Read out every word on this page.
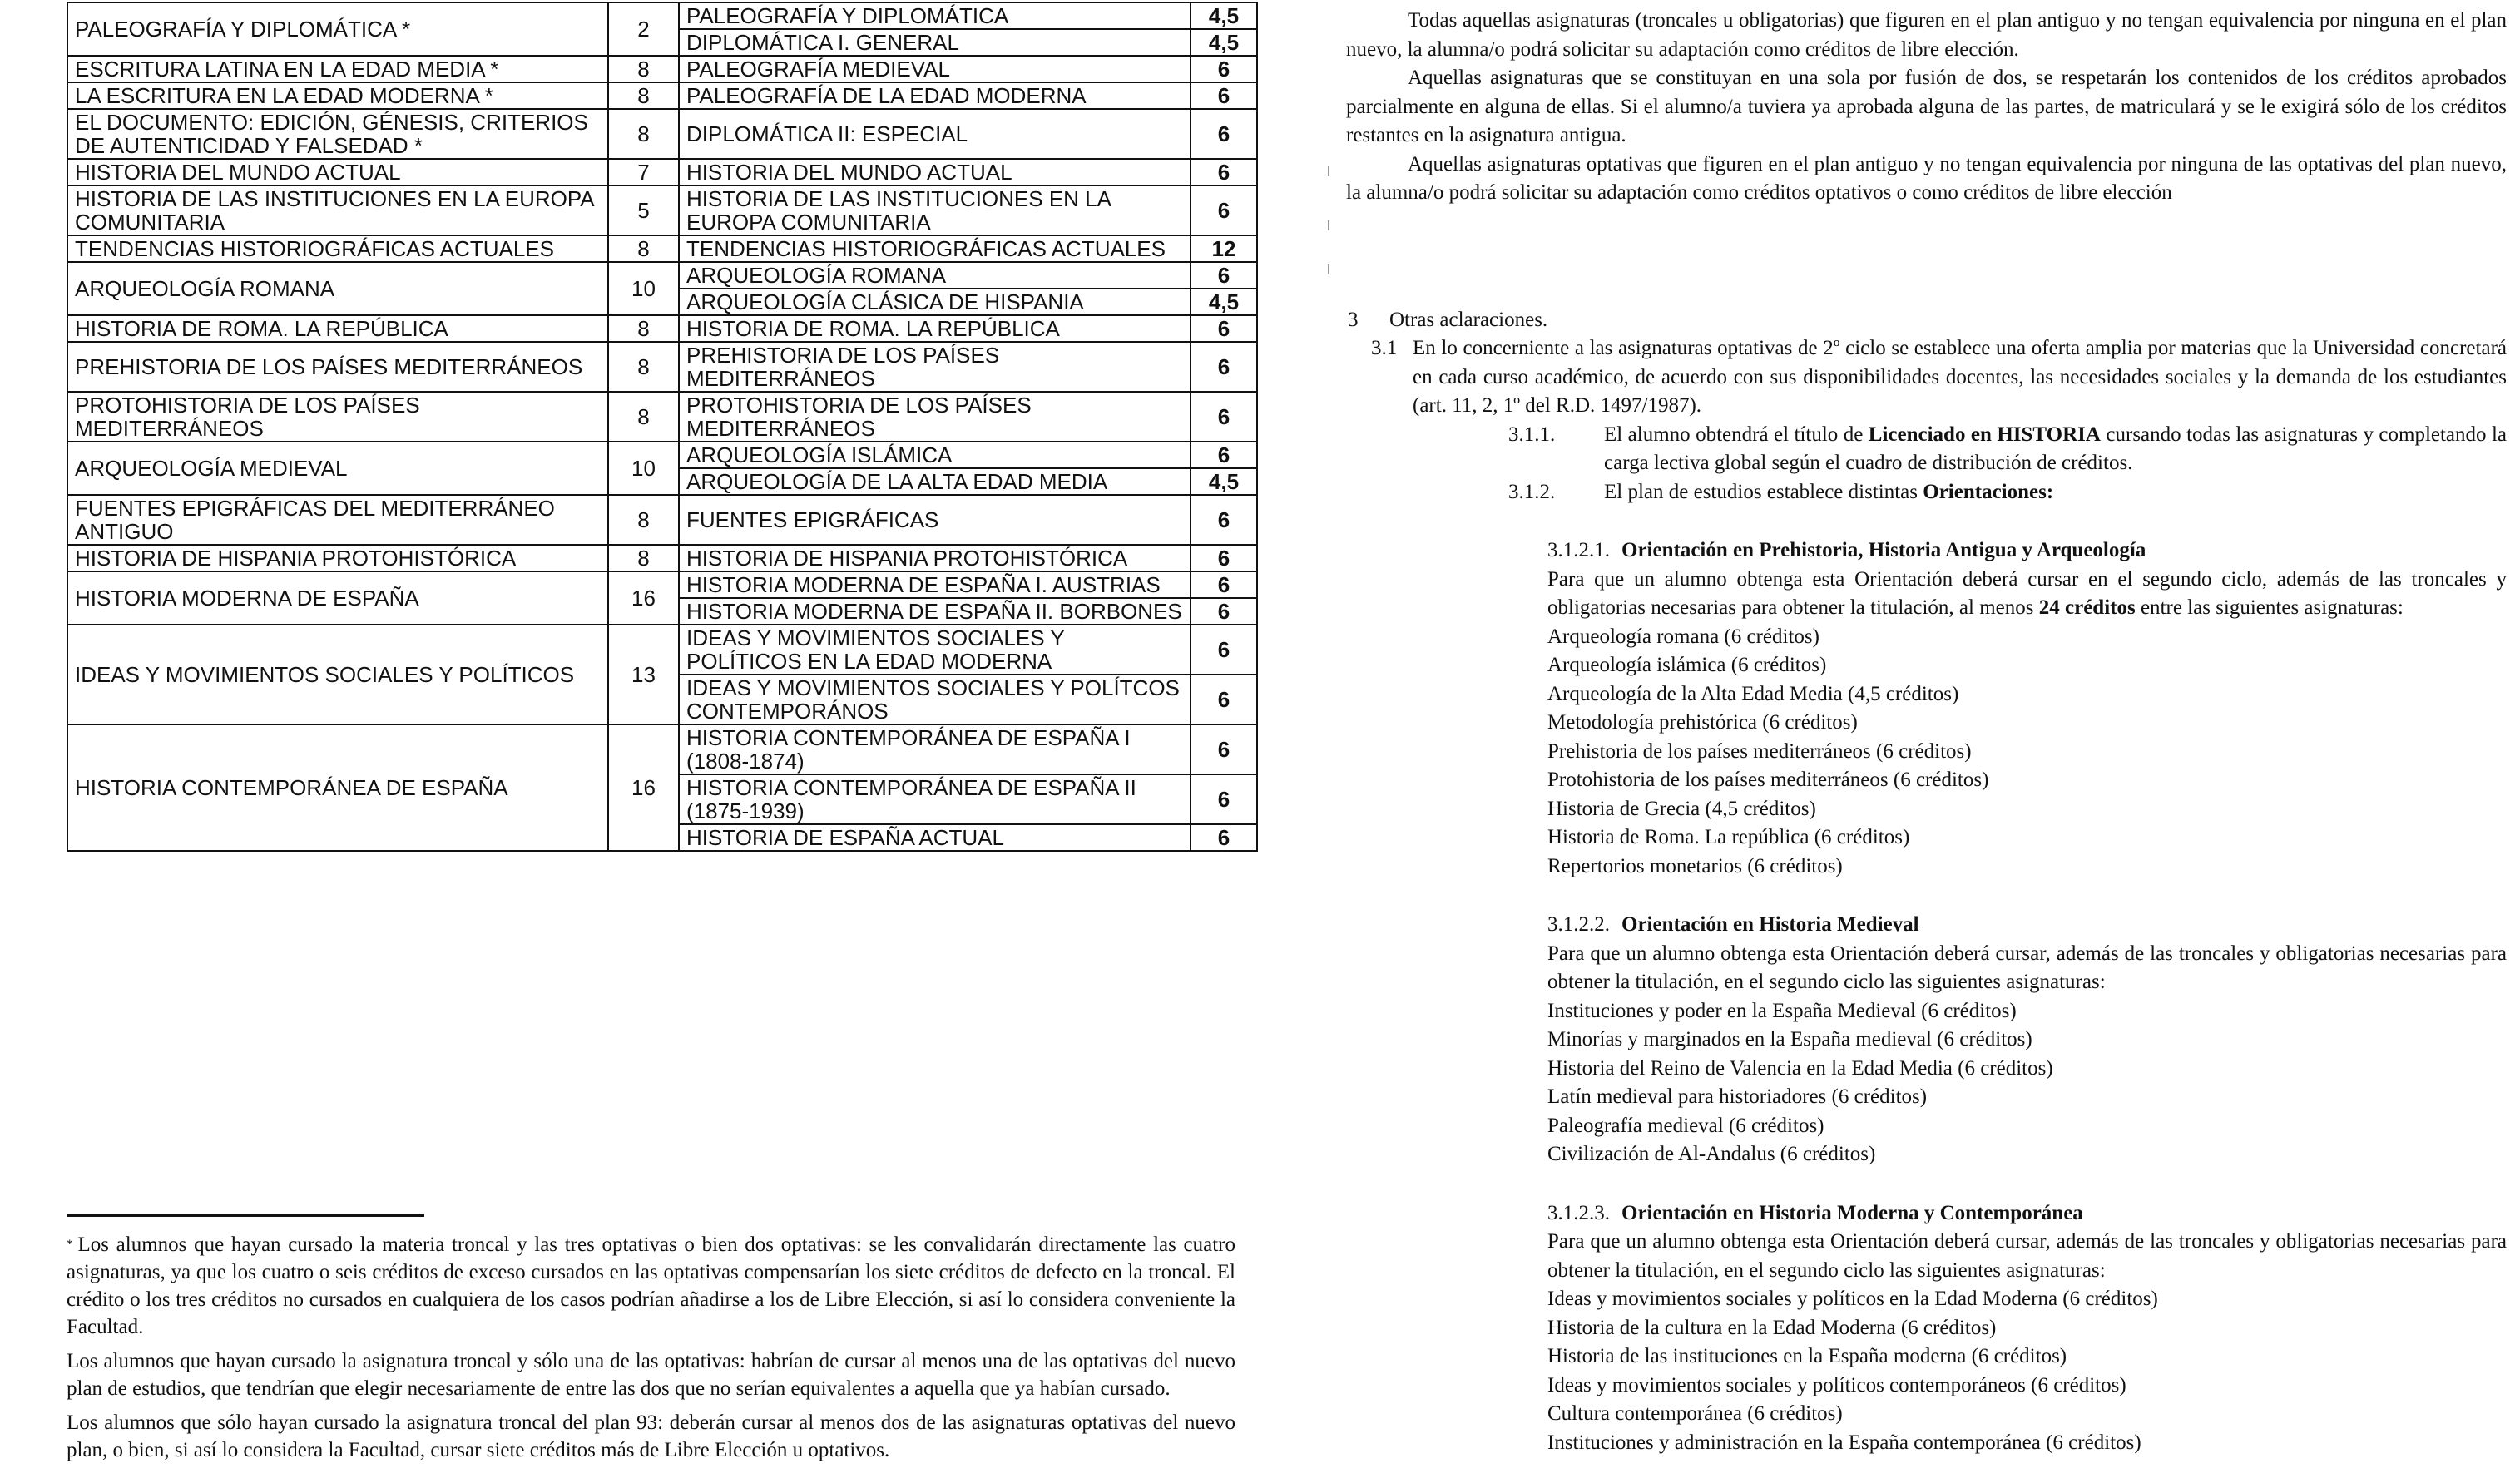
PALEOGRAFÍA Y DIPLOMÁTICA *	2	PALEOGRAFÍA Y DIPLOMÁTICA	4,5
		DIPLOMÁTICA I. GENERAL	4,5
ESCRITURA LATINA EN LA EDAD MEDIA *	8	PALEOGRAFÍA MEDIEVAL	6
LA ESCRITURA EN LA EDAD MODERNA *	8	PALEOGRAFÍA DE LA EDAD MODERNA	6
EL DOCUMENTO: EDICIÓN, GÉNESIS, CRITERIOS DE AUTENTICIDAD Y FALSEDAD *	8	DIPLOMÁTICA II: ESPECIAL	6
HISTORIA DEL MUNDO ACTUAL	7	HISTORIA DEL MUNDO ACTUAL	6
HISTORIA DE LAS INSTITUCIONES EN LA EUROPA COMUNITARIA	5	HISTORIA DE LAS INSTITUCIONES EN LA EUROPA COMUNITARIA	6
TENDENCIAS HISTORIOGRÁFICAS ACTUALES	8	TENDENCIAS HISTORIOGRÁFICAS ACTUALES	12
ARQUEOLOGÍA ROMANA	10	ARQUEOLOGÍA ROMANA	6
		ARQUEOLOGÍA CLÁSICA DE HISPANIA	4,5
HISTORIA DE ROMA. LA REPÚBLICA	8	HISTORIA DE ROMA. LA REPÚBLICA	6
PREHISTORIA DE LOS PAÍSES MEDITERRÁNEOS	8	PREHISTORIA DE LOS PAÍSES MEDITERRÁNEOS	6
PROTOHISTORIA DE LOS PAÍSES MEDITERRÁNEOS	8	PROTOHISTORIA DE LOS PAÍSES MEDITERRÁNEOS	6
ARQUEOLOGÍA MEDIEVAL	10	ARQUEOLOGÍA ISLÁMICA	6
		ARQUEOLOGÍA DE LA ALTA EDAD MEDIA	4,5
FUENTES EPIGRÁFICAS DEL MEDITERRÁNEO ANTIGUO	8	FUENTES EPIGRÁFICAS	6
HISTORIA DE HISPANIA PROTOHISTÓRICA	8	HISTORIA DE HISPANIA PROTOHISTÓRICA	6
HISTORIA MODERNA DE ESPAÑA	16	HISTORIA MODERNA DE ESPAÑA I. AUSTRIAS	6
		HISTORIA MODERNA DE ESPAÑA II. BORBONES	6
IDEAS Y MOVIMIENTOS SOCIALES Y POLÍTICOS	13	IDEAS Y MOVIMIENTOS SOCIALES Y POLÍTICOS EN LA EDAD MODERNA	6
		IDEAS Y MOVIMIENTOS SOCIALES Y POLÍTCOS CONTEMPORÁNOS	6
HISTORIA CONTEMPORÁNEA DE ESPAÑA	16	HISTORIA CONTEMPORÁNEA DE ESPAÑA I (1808-1874)	6
		HISTORIA CONTEMPORÁNEA DE ESPAÑA II (1875-1939)	6
		HISTORIA DE ESPAÑA ACTUAL	6

* Los alumnos que hayan cursado la materia troncal y las tres optativas o bien dos optativas: se les convalidarán directamente las cuatro asignaturas, ya que los cuatro o seis créditos de exceso cursados en las optativas compensarían los siete créditos de defecto en la troncal. El crédito o los tres créditos no cursados en cualquiera de los casos podrían añadirse a los de Libre Elección, si así lo considera conveniente la Facultad.

Los alumnos que hayan cursado la asignatura troncal y sólo una de las optativas: habrían de cursar al menos una de las optativas del nuevo plan de estudios, que tendrían que elegir necesariamente de entre las dos que no serían equivalentes a aquella que ya habían cursado.

Los alumnos que sólo hayan cursado la asignatura troncal del plan 93: deberán cursar al menos dos de las asignaturas optativas del nuevo plan, o bien, si así lo considera la Facultad, cursar siete créditos más de Libre Elección u optativos.

Todas aquellas asignaturas (troncales u obligatorias) que figuren en el plan antiguo y no tengan equivalencia por ninguna en el plan nuevo, la alumna/o podrá solicitar su adaptación como créditos de libre elección.

Aquellas asignaturas que se constituyan en una sola por fusión de dos, se respetarán los contenidos de los créditos aprobados parcialmente en alguna de ellas. Si el alumno/a tuviera ya aprobada alguna de las partes, de matriculará y se le exigirá sólo de los créditos restantes en la asignatura antigua.

Aquellas asignaturas optativas que figuren en el plan antiguo y no tengan equivalencia por ninguna de las optativas del plan nuevo, la alumna/o podrá solicitar su adaptación como créditos optativos o como créditos de libre elección

3 Otras aclaraciones.

3.1 En lo concerniente a las asignaturas optativas de 2º ciclo se establece una oferta amplia por materias que la Universidad concretará en cada curso académico, de acuerdo con sus disponibilidades docentes, las necesidades sociales y la demanda de los estudiantes (art. 11, 2, 1º del R.D. 1497/1987).

3.1.1. El alumno obtendrá el título de Licenciado en HISTORIA cursando todas las asignaturas y completando la carga lectiva global según el cuadro de distribución de créditos.

3.1.2. El plan de estudios establece distintas Orientaciones:

3.1.2.1. Orientación en Prehistoria, Historia Antigua y Arqueología

Para que un alumno obtenga esta Orientación deberá cursar en el segundo ciclo, además de las troncales y obligatorias necesarias para obtener la titulación, al menos 24 créditos entre las siguientes asignaturas:

Arqueología romana (6 créditos)
Arqueología islámica (6 créditos)
Arqueología de la Alta Edad Media (4,5 créditos)
Metodología prehistórica (6 créditos)
Prehistoria de los países mediterráneos (6 créditos)
Protohistoria de los países mediterráneos (6 créditos)
Historia de Grecia (4,5 créditos)
Historia de Roma. La república (6 créditos)
Repertorios monetarios (6 créditos)

3.1.2.2. Orientación en Historia Medieval

Para que un alumno obtenga esta Orientación deberá cursar, además de las troncales y obligatorias necesarias para obtener la titulación, en el segundo ciclo las siguientes asignaturas:

Instituciones y poder en la España Medieval (6 créditos)
Minorías y marginados en la España medieval (6 créditos)
Historia del Reino de Valencia en la Edad Media (6 créditos)
Latín medieval para historiadores (6 créditos)
Paleografía medieval (6 créditos)
Civilización de Al-Andalus (6 créditos)

3.1.2.3. Orientación en Historia Moderna y Contemporánea

Para que un alumno obtenga esta Orientación deberá cursar, además de las troncales y obligatorias necesarias para obtener la titulación, en el segundo ciclo las siguientes asignaturas:

Ideas y movimientos sociales y políticos en la Edad Moderna (6 créditos)
Historia de la cultura en la Edad Moderna (6 créditos)
Historia de las instituciones en la España moderna (6 créditos)
Ideas y movimientos sociales y políticos contemporáneos (6 créditos)
Cultura contemporánea (6 créditos)
Instituciones y administración en la España contemporánea (6 créditos)
